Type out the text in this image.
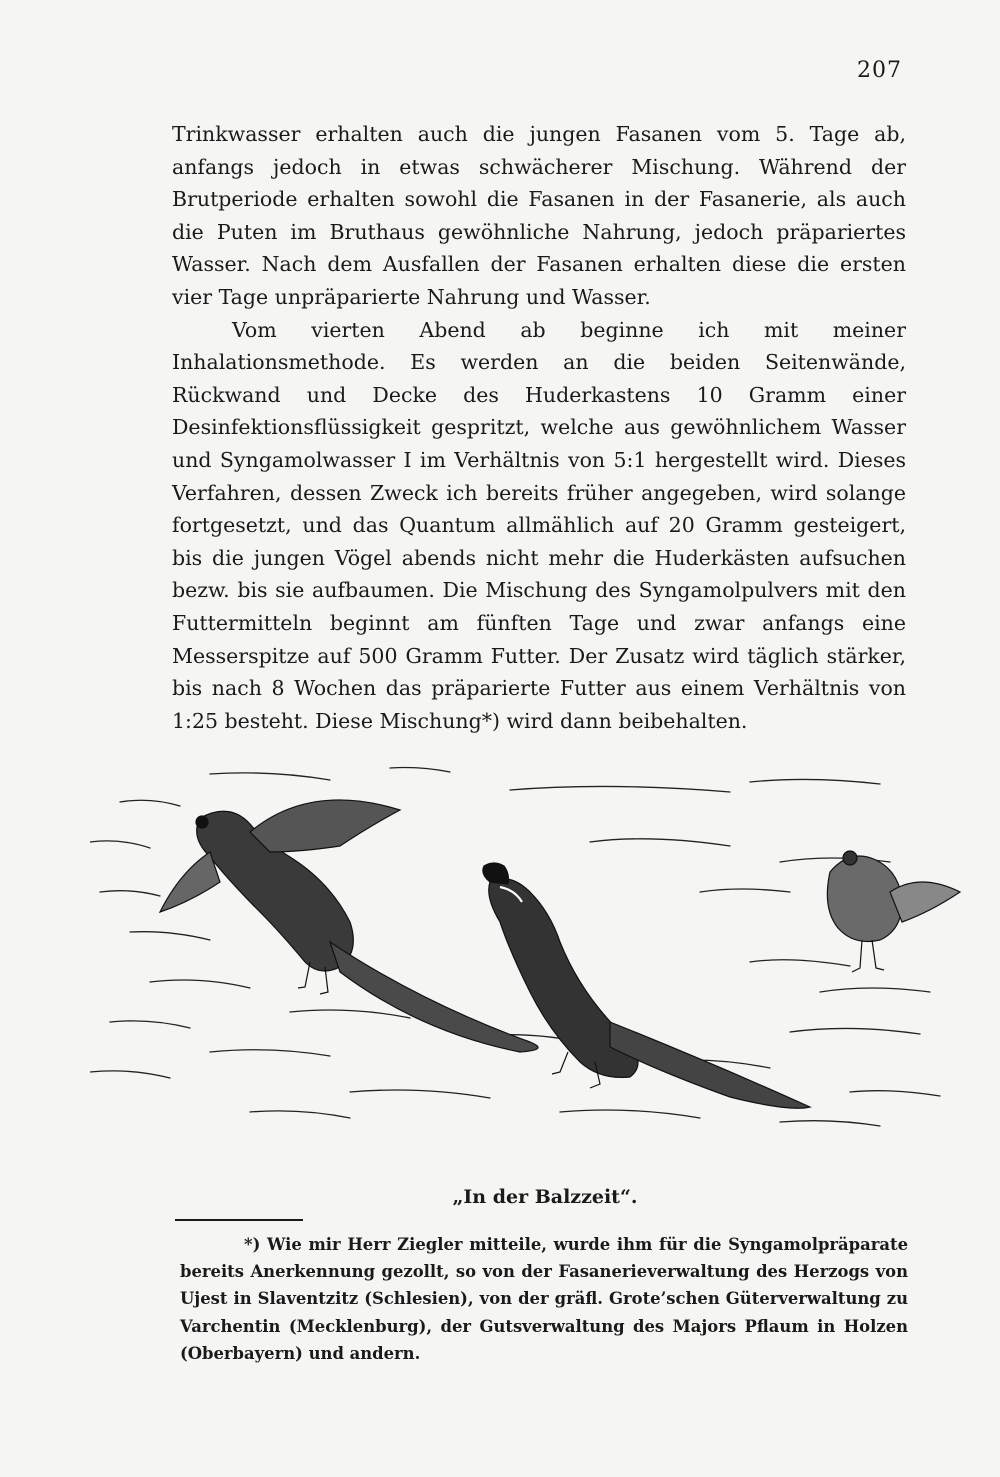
207

Trinkwasser erhalten auch die jungen Fasanen vom 5. Tage ab, anfangs jedoch in etwas schwächerer Mischung. Während der Brutperiode erhalten sowohl die Fasanen in der Fasanerie, als auch die Puten im Bruthaus gewöhnliche Nahrung, jedoch präpariertes Wasser. Nach dem Ausfallen der Fasanen erhalten diese die ersten vier Tage unpräparierte Nahrung und Wasser.

Vom vierten Abend ab beginne ich mit meiner Inhalationsmethode. Es werden an die beiden Seitenwände, Rückwand und Decke des Huderkastens 10 Gramm einer Desinfektionsflüssigkeit gespritzt, welche aus gewöhnlichem Wasser und Syngamolwasser I im Verhältnis von 5:1 hergestellt wird. Dieses Verfahren, dessen Zweck ich bereits früher angegeben, wird solange fortgesetzt, und das Quantum allmählich auf 20 Gramm gesteigert, bis die jungen Vögel abends nicht mehr die Huderkästen aufsuchen bezw. bis sie aufbaumen. Die Mischung des Syngamolpulvers mit den Futtermitteln beginnt am fünften Tage und zwar anfangs eine Messerspitze auf 500 Gramm Futter. Der Zusatz wird täglich stärker, bis nach 8 Wochen das präparierte Futter aus einem Verhältnis von 1:25 besteht. Diese Mischung*) wird dann beibehalten.

„In der Balzzeit“.
*) Wie mir Herr Ziegler mitteile, wurde ihm für die Syngamolpräparate bereits Anerkennung gezollt, so von der Fasanerieverwaltung des Herzogs von Ujest in Slaventzitz (Schlesien), von der gräfl. Grote’schen Güterverwaltung zu Varchentin (Mecklenburg), der Gutsverwaltung des Majors Pflaum in Holzen (Oberbayern) und andern.
